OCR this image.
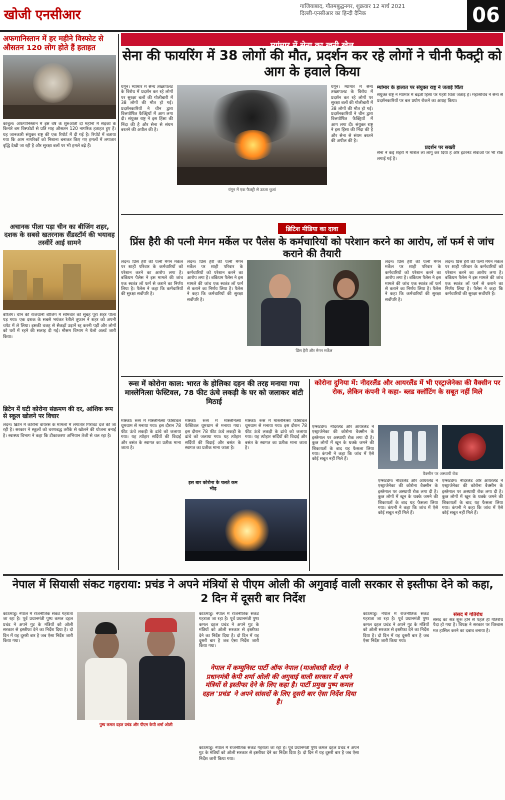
खोजी एनसीआर
गाजियाबाद, गौतमबुद्धनगर, शुक्रवार 12 मार्च 2021
दिल्ली-एनसीआर का हिन्दी दैनिक	06
अफगानिस्तान में हर महीने विस्फोट से औसतन 120 लोग होते हैं हताहत
काबुल। अफगानिस्तान में इस वर्ष के शुरुआती दो महीनों में सड़कों के किनारे बम विस्फोटों से प्रति माह औसतन 120 नागरिक हताहत हुए हैं। यह जानकारी संयुक्त राष्ट्र की एक रिपोर्ट में दी गई है। रिपोर्ट में बताया गया कि आम नागरिकों को निशाना बनाकर किए गए हमलों में लगातार वृद्धि देखी जा रही है और सुरक्षा बलों पर भी हमले बढ़े हैं।
अचानक पीला पड़ा चीन का बीजिंग शहर, दशक के सबसे खतरनाक सैंडस्टॉर्म की भयावह तस्वीरें आई सामने
बीजिंग। चीन की राजधानी बीजिंग में सोमवार को सुबह पूरा शहर पीला पड़ गया। एक दशक के सबसे भयंकर रेतीले तूफान ने शहर को अपनी चपेट में ले लिया। इसकी वजह से सैकड़ों उड़ानें रद्द करनी पड़ीं और लोगों को घरों में रहने की सलाह दी गई। मौसम विभाग ने येलो अलर्ट जारी किया।
ब्रिटेन में घटी कोरोना संक्रमण की दर, आंशिक रूप से स्कूल खोलने पर विचार
लंदन। ब्रिटेन में कोरोना वायरस के मामलों में लगातार गिरावट दर्ज की जा रही है। सरकार ने स्कूलों को चरणबद्ध तरीके से खोलने की योजना बनाई है। स्वास्थ्य विभाग ने कहा कि टीकाकरण अभियान तेजी से चल रहा है।
म्यांमार में सेना का खूनी खेल
सेना की फायरिंग में 38 लोगों की मौत, प्रदर्शन कर रहे लोगों ने चीनी फैक्ट्री को आग के हवाले किया
यंगून। म्यांमार में सैन्य तख्तापलट के विरोध में प्रदर्शन कर रहे लोगों पर सुरक्षा बलों की गोलीबारी में 38 लोगों की मौत हो गई। प्रदर्शनकारियों ने चीन द्वारा वित्तपोषित फैक्ट्रियों में आग लगा दी। संयुक्त राष्ट्र ने इस हिंसा की निंदा की है और सेना से संयम बरतने की अपील की है।
यंगून में एक फैक्ट्री से उठता धुआं
यंगून। म्यांमार में सैन्य तख्तापलट के विरोध में प्रदर्शन कर रहे लोगों पर सुरक्षा बलों की गोलीबारी में 38 लोगों की मौत हो गई। प्रदर्शनकारियों ने चीन द्वारा वित्तपोषित फैक्ट्रियों में आग लगा दी। संयुक्त राष्ट्र ने इस हिंसा की निंदा की है और सेना से संयम बरतने की अपील की है।
म्यांमार के हालात पर संयुक्त राष्ट्र ने जताई चिंता
संयुक्त राष्ट्र ने म्यांमार में बढ़ती हिंसा पर गहरी चिंता जताई है। महासचिव ने सेना से प्रदर्शनकारियों पर बल प्रयोग रोकने का आग्रह किया।
प्रदर्शन पर सख्ती
सेना ने कई शहरों में मार्शल लॉ लागू कर दिया है और इंटरनेट सेवाओं पर भी रोक लगाई गई है।
ब्रिटिश मीडिया का दावा
प्रिंस हैरी की पत्नी मेगन मर्केल पर पैलेस के कर्मचारियों को परेशान करने का आरोप, लॉ फर्म से जांच कराने की तैयारी
लंदन। प्रिंस हैरी की पत्नी मेगन मर्केल पर शाही परिवार के कर्मचारियों को परेशान करने का आरोप लगा है। बकिंघम पैलेस ने इस मामले की जांच एक स्वतंत्र लॉ फर्म से कराने का निर्णय लिया है। पैलेस ने कहा कि कर्मचारियों की सुरक्षा सर्वोपरि है।
लंदन। प्रिंस हैरी की पत्नी मेगन मर्केल पर शाही परिवार के कर्मचारियों को परेशान करने का आरोप लगा है। बकिंघम पैलेस ने इस मामले की जांच एक स्वतंत्र लॉ फर्म से कराने का निर्णय लिया है। पैलेस ने कहा कि कर्मचारियों की सुरक्षा सर्वोपरि है।
प्रिंस हैरी और मेगन मर्केल
लंदन। प्रिंस हैरी की पत्नी मेगन मर्केल पर शाही परिवार के कर्मचारियों को परेशान करने का आरोप लगा है। बकिंघम पैलेस ने इस मामले की जांच एक स्वतंत्र लॉ फर्म से कराने का निर्णय लिया है। पैलेस ने कहा कि कर्मचारियों की सुरक्षा सर्वोपरि है।
लंदन। प्रिंस हैरी की पत्नी मेगन मर्केल पर शाही परिवार के कर्मचारियों को परेशान करने का आरोप लगा है। बकिंघम पैलेस ने इस मामले की जांच एक स्वतंत्र लॉ फर्म से कराने का निर्णय लिया है। पैलेस ने कहा कि कर्मचारियों की सुरक्षा सर्वोपरि है।
रूस में कोरोना काल: भारत के होलिका दहन की तरह मनाया गया मास्लेनित्सा फेस्टिवल, 78 फीट ऊंचे लकड़ी के घर को जलाकर बांटी मिठाई
मास्को। रूस में मास्लेनित्सा फेस्टिवल धूमधाम से मनाया गया। इस दौरान 78 फीट ऊंचे लकड़ी के ढांचे को जलाया गया। यह त्योहार सर्दियों की विदाई और बसंत के स्वागत का प्रतीक माना जाता है।
मास्को। रूस में मास्लेनित्सा फेस्टिवल धूमधाम से मनाया गया। इस दौरान 78 फीट ऊंचे लकड़ी के ढांचे को जलाया गया। यह त्योहार सर्दियों की विदाई और बसंत के स्वागत का प्रतीक माना जाता है।
इस बार कोरोना के चलते कम भीड़
मास्को। रूस में मास्लेनित्सा फेस्टिवल धूमधाम से मनाया गया। इस दौरान 78 फीट ऊंचे लकड़ी के ढांचे को जलाया गया। यह त्योहार सर्दियों की विदाई और बसंत के स्वागत का प्रतीक माना जाता है।
कोरोना दुनिया में: नीदरलैंड और आयरलैंड में भी एस्ट्राजेनेका की वैक्सीन पर रोक, लेकिन कंपनी ने कहा- ब्लड क्लॉटिंग के सबूत नहीं मिले
एम्सटर्डम। नीदरलैंड और आयरलैंड ने एस्ट्राजेनेका की कोरोना वैक्सीन के इस्तेमाल पर अस्थायी रोक लगा दी है। कुछ लोगों में खून के थक्के जमने की शिकायतों के बाद यह फैसला लिया गया। कंपनी ने कहा कि जांच में ऐसे कोई सबूत नहीं मिले हैं।
वैक्सीन पर अस्थायी रोक
एम्सटर्डम। नीदरलैंड और आयरलैंड ने एस्ट्राजेनेका की कोरोना वैक्सीन के इस्तेमाल पर अस्थायी रोक लगा दी है। कुछ लोगों में खून के थक्के जमने की शिकायतों के बाद यह फैसला लिया गया। कंपनी ने कहा कि जांच में ऐसे कोई सबूत नहीं मिले हैं।
एम्सटर्डम। नीदरलैंड और आयरलैंड ने एस्ट्राजेनेका की कोरोना वैक्सीन के इस्तेमाल पर अस्थायी रोक लगा दी है। कुछ लोगों में खून के थक्के जमने की शिकायतों के बाद यह फैसला लिया गया। कंपनी ने कहा कि जांच में ऐसे कोई सबूत नहीं मिले हैं।
नेपाल में सियासी संकट गहराया: प्रचंड ने अपने मंत्रियों से पीएम ओली की अगुवाई वाली सरकार से इस्तीफा देने को कहा, 2 दिन में दूसरी बार निर्देश
काठमांडू। नेपाल में राजनीतिक संकट गहराता जा रहा है। पूर्व प्रधानमंत्री पुष्प कमल दहल प्रचंड ने अपने गुट के मंत्रियों को ओली सरकार से इस्तीफा देने का निर्देश दिया है। दो दिन में यह दूसरी बार है जब ऐसा निर्देश जारी किया गया।
पुष्प कमल दहल प्रचंड और पीएम केपी शर्मा ओली
काठमांडू। नेपाल में राजनीतिक संकट गहराता जा रहा है। पूर्व प्रधानमंत्री पुष्प कमल दहल प्रचंड ने अपने गुट के मंत्रियों को ओली सरकार से इस्तीफा देने का निर्देश दिया है। दो दिन में यह दूसरी बार है जब ऐसा निर्देश जारी किया गया।
नेपाल में कम्युनिस्ट पार्टी ऑफ नेपाल (माओवादी सेंटर) ने प्रधानमंत्री केपी शर्मा ओली की अगुवाई वाली सरकार में अपने मंत्रियों से इस्तीफा देने के लिए कहा है। पार्टी प्रमुख पुष्प कमल दहल 'प्रचंड' ने अपने सांसदों के लिए दूसरी बार ऐसा निर्देश दिया है।
काठमांडू। नेपाल में राजनीतिक संकट गहराता जा रहा है। पूर्व प्रधानमंत्री पुष्प कमल दहल प्रचंड ने अपने गुट के मंत्रियों को ओली सरकार से इस्तीफा देने का निर्देश दिया है। दो दिन में यह दूसरी बार है जब ऐसा निर्देश जारी किया गया।
काठमांडू। नेपाल में राजनीतिक संकट गहराता जा रहा है। पूर्व प्रधानमंत्री पुष्प कमल दहल प्रचंड ने अपने गुट के मंत्रियों को ओली सरकार से इस्तीफा देने का निर्देश दिया है। दो दिन में यह दूसरी बार है जब ऐसा निर्देश जारी किया गया।
संसद में गतिरोध
संसद का सत्र शुरू होने से पहले ही गतिरोध पैदा हो गया है। विपक्ष ने सरकार पर विश्वास मत हासिल करने का दबाव बनाया है।
